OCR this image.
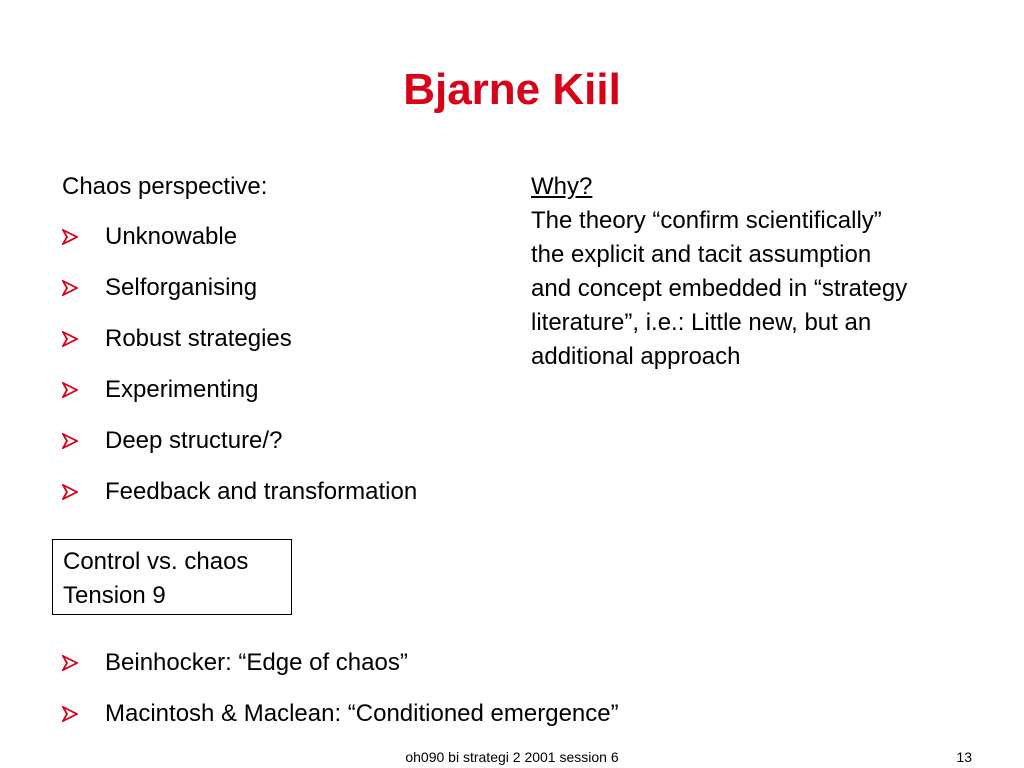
Bjarne Kiil
Chaos perspective:
Unknowable
Selforganising
Robust strategies
Experimenting
Deep structure/?
Feedback and transformation
Why?
The theory “confirm scientifically”
the explicit and tacit assumption
and concept embedded in “strategy
literature”, i.e.: Little new, but an
additional approach
Control vs. chaos
Tension 9
Beinhocker: “Edge of chaos”
Macintosh & Maclean: “Conditioned emergence”
oh090 bi strategi 2 2001 session 6	13
